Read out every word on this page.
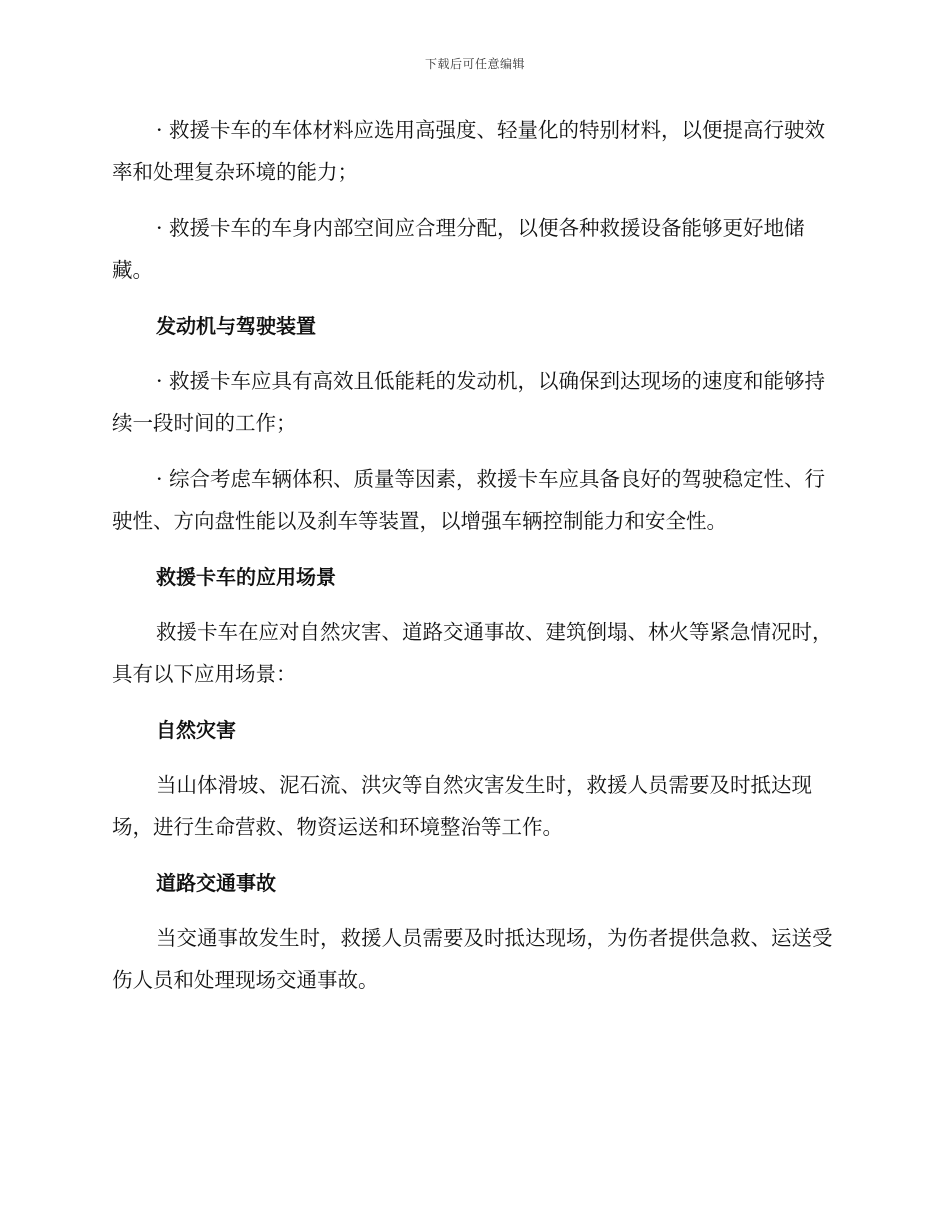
下载后可任意编辑

· 救援卡车的车体材料应选用高强度、轻量化的特别材料，以便提高行驶效率和处理复杂环境的能力；

· 救援卡车的车身内部空间应合理分配，以便各种救援设备能够更好地储藏。

发动机与驾驶装置

· 救援卡车应具有高效且低能耗的发动机，以确保到达现场的速度和能够持续一段时间的工作；

· 综合考虑车辆体积、质量等因素，救援卡车应具备良好的驾驶稳定性、行驶性、方向盘性能以及刹车等装置，以增强车辆控制能力和安全性。

救援卡车的应用场景

救援卡车在应对自然灾害、道路交通事故、建筑倒塌、林火等紧急情况时，具有以下应用场景：

自然灾害

当山体滑坡、泥石流、洪灾等自然灾害发生时，救援人员需要及时抵达现场，进行生命营救、物资运送和环境整治等工作。

道路交通事故

当交通事故发生时，救援人员需要及时抵达现场，为伤者提供急救、运送受伤人员和处理现场交通事故。
